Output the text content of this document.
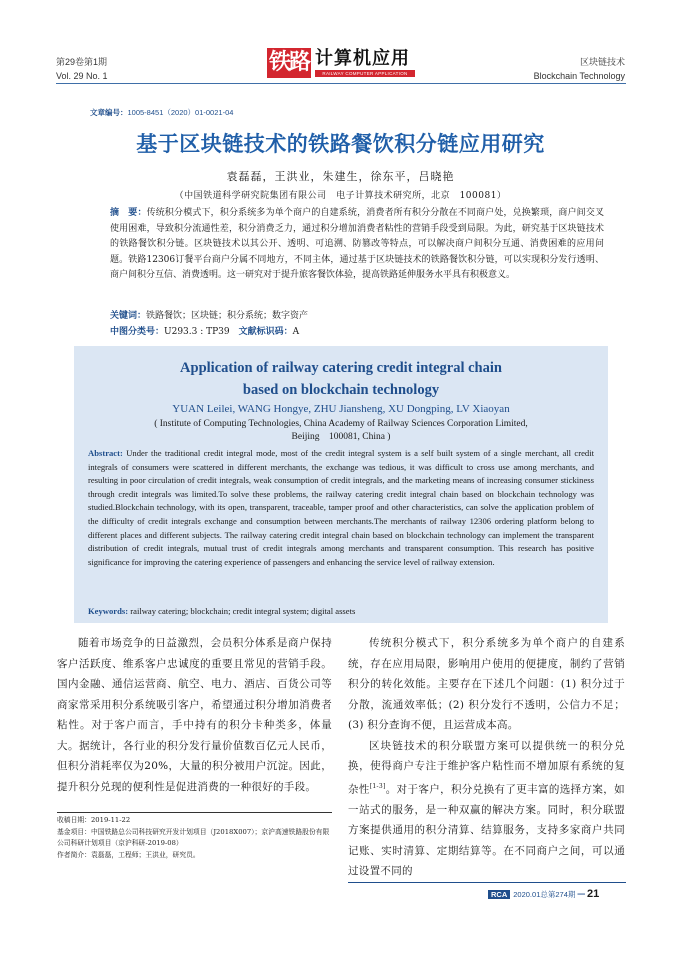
第29卷第1期
Vol. 29 No. 1
铁路 计算机应用
RAILWAY COMPUTER APPLICATION
区块链技术
Blockchain Technology
文章编号：1005-8451（2020）01-0021-04
基于区块链技术的铁路餐饮积分链应用研究
袁磊磊，王洪业，朱建生，徐东平，吕晓艳
（中国铁道科学研究院集团有限公司　电子计算技术研究所，北京　100081）
摘　要：传统积分模式下，积分系统多为单个商户的自建系统，消费者所有积分分散在不同商户处，兑换繁琐，商户间交叉使用困难，导致积分流通性差，积分消费乏力，通过积分增加消费者粘性的营销手段受到局限。为此，研究基于区块链技术的铁路餐饮积分链。区块链技术以其公开、透明、可追溯、防篡改等特点，可以解决商户间积分互通、消费困难的应用问题。铁路12306订餐平台商户分属不同地方，不同主体，通过基于区块链技术的铁路餐饮积分链，可以实现积分发行透明、商户间积分互信、消费透明。这一研究对于提升旅客餐饮体验，提高铁路延伸服务水平具有积极意义。
关键词：铁路餐饮；区块链；积分系统；数字资产
中图分类号：U293.3 : TP39　 文献标识码：A
Application of railway catering credit integral chain
based on blockchain technology
YUAN Leilei, WANG Hongye, ZHU Jiansheng, XU Dongping, LV Xiaoyan
( Institute of Computing Technologies, China Academy of Railway Sciences Corporation Limited,
Beijing　100081, China )
Abstract: Under the traditional credit integral mode, most of the credit integral system is a self built system of a single merchant, all credit integrals of consumers were scattered in different merchants, the exchange was tedious, it was difficult to cross use among merchants, and resulting in poor circulation of credit integrals, weak consumption of credit integrals, and the marketing means of increasing consumer stickiness through credit integrals was limited.To solve these problems, the railway catering credit integral chain based on blockchain technology was studied.Blockchain technology, with its open, transparent, traceable, tamper proof and other characteristics, can solve the application problem of the difficulty of credit integrals exchange and consumption between merchants.The merchants of railway 12306 ordering platform belong to different places and different subjects. The railway catering credit integral chain based on blockchain technology can implement the transparent distribution of credit integrals, mutual trust of credit integrals among merchants and transparent consumption. This research has positive significance for improving the catering experience of passengers and enhancing the service level of railway extension.
Keywords: railway catering; blockchain; credit integral system; digital assets

随着市场竞争的日益激烈，会员积分体系是商户保持客户活跃度、维系客户忠诚度的重要且常见的营销手段。国内金融、通信运营商、航空、电力、酒店、百货公司等商家常采用积分系统吸引客户，希望通过积分增加消费者粘性。对于客户而言，手中持有的积分卡种类多，体量大。据统计，各行业的积分发行量价值数百亿元人民币，但积分消耗率仅为20%，大量的积分被用户沉淀。因此，提升积分兑现的便利性是促进消费的一种很好的手段。

收稿日期：2019-11-22
基金项目：中国铁路总公司科技研究开发计划项目（J2018X007）；京沪高速铁路股份有限公司科研计划项目（京沪科研-2019-08）
作者简介：袁磊磊，工程师；王洪业，研究员。

传统积分模式下，积分系统多为单个商户的自建系统，存在应用局限，影响用户使用的便捷度，制约了营销积分的转化效能。主要存在下述几个问题：(1) 积分过于分散，流通效率低；(2) 积分发行不透明，公信力不足；(3) 积分查询不便，且运营成本高。

区块链技术的积分联盟方案可以提供统一的积分兑换，使得商户专注于维护客户粘性而不增加原有系统的复杂性[1-3]。对于客户，积分兑换有了更丰富的选择方案，如一站式的服务，是一种双赢的解决方案。同时，积分联盟方案提供通用的积分清算、结算服务，支持多家商户共同记账、实时清算、定期结算等。在不同商户之间，可以通过设置不同的

RCA 2020.01总第274期 ━ 21
